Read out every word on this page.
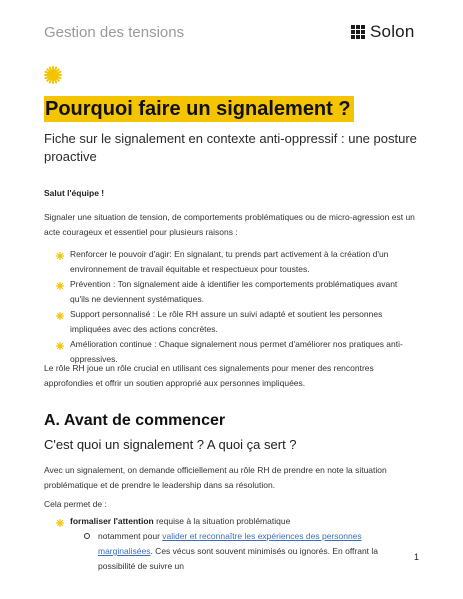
Gestion des tensions	Solon
Pourquoi faire un signalement ?
Fiche sur le signalement en contexte anti-oppressif : une posture proactive
Salut l'équipe !
Signaler une situation de tension, de comportements problématiques ou de micro-agression est un acte courageux et essentiel pour plusieurs raisons :
Renforcer le pouvoir d'agir: En signalant, tu prends part activement à la création d'un environnement de travail équitable et respectueux pour toustes.
Prévention : Ton signalement aide à identifier les comportements problématiques avant qu'ils ne deviennent systématiques.
Support personnalisé : Le rôle RH assure un suivi adapté et soutient les personnes impliquées avec des actions concrètes.
Amélioration continue : Chaque signalement nous permet d'améliorer nos pratiques anti-oppressives.
Le rôle RH joue un rôle crucial en utilisant ces signalements pour mener des rencontres approfondies et offrir un soutien approprié aux personnes impliquées.
A. Avant de commencer
C'est quoi un signalement ? A quoi ça sert ?
Avec un signalement, on demande officiellement au rôle RH de prendre en note la situation problématique et de prendre le leadership dans sa résolution.
Cela permet de :
formaliser l'attention requise à la situation problématique
notamment pour valider et reconnaître les expériences des personnes marginalisées. Ces vécus sont souvent minimisés ou ignorés. En offrant la possibilité de suivre un
1
